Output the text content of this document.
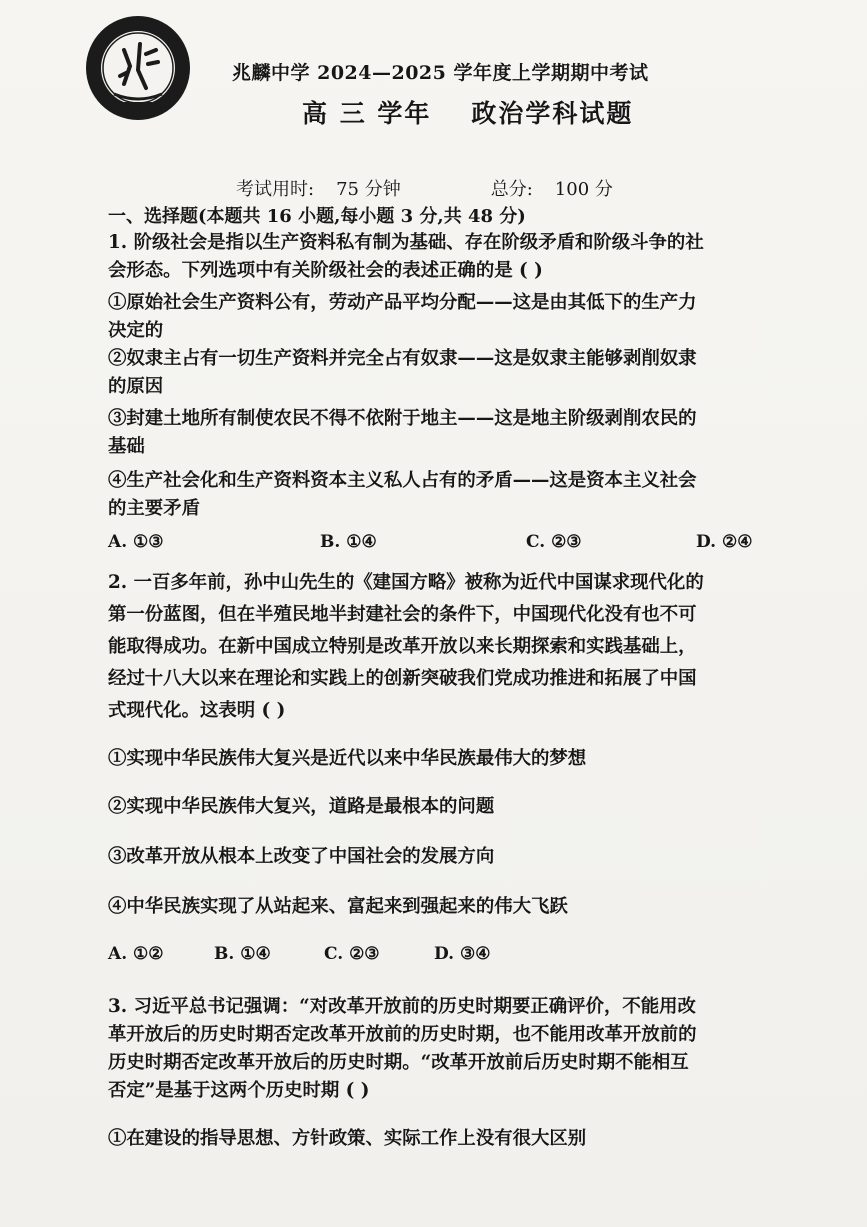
兆麟中学 2024—2025 学年度上学期期中考试
高 三 学年 政治学科试题
考试用时: 75 分钟	总分: 100 分
一、选择题(本题共 16 小题,每小题 3 分,共 48 分)
1. 阶级社会是指以生产资料私有制为基础、存在阶级矛盾和阶级斗争的社
会形态。下列选项中有关阶级社会的表述正确的是 ( )
①原始社会生产资料公有，劳动产品平均分配——这是由其低下的生产力
决定的
②奴隶主占有一切生产资料并完全占有奴隶——这是奴隶主能够剥削奴隶
的原因
③封建土地所有制使农民不得不依附于地主——这是地主阶级剥削农民的
基础
④生产社会化和生产资料资本主义私人占有的矛盾——这是资本主义社会
的主要矛盾
A. ①③	B. ①④	C. ②③	D. ②④
2. 一百多年前，孙中山先生的《建国方略》被称为近代中国谋求现代化的
第一份蓝图，但在半殖民地半封建社会的条件下，中国现代化没有也不可
能取得成功。在新中国成立特别是改革开放以来长期探索和实践基础上，
经过十八大以来在理论和实践上的创新突破我们党成功推进和拓展了中国
式现代化。这表明 ( )
①实现中华民族伟大复兴是近代以来中华民族最伟大的梦想
②实现中华民族伟大复兴，道路是最根本的问题
③改革开放从根本上改变了中国社会的发展方向
④中华民族实现了从站起来、富起来到强起来的伟大飞跃
A. ①②	B. ①④	C. ②③	D. ③④
3. 习近平总书记强调：“对改革开放前的历史时期要正确评价，不能用改
革开放后的历史时期否定改革开放前的历史时期，也不能用改革开放前的
历史时期否定改革开放后的历史时期。“改革开放前后历史时期不能相互
否定”是基于这两个历史时期 ( )
①在建设的指导思想、方针政策、实际工作上没有很大区别
